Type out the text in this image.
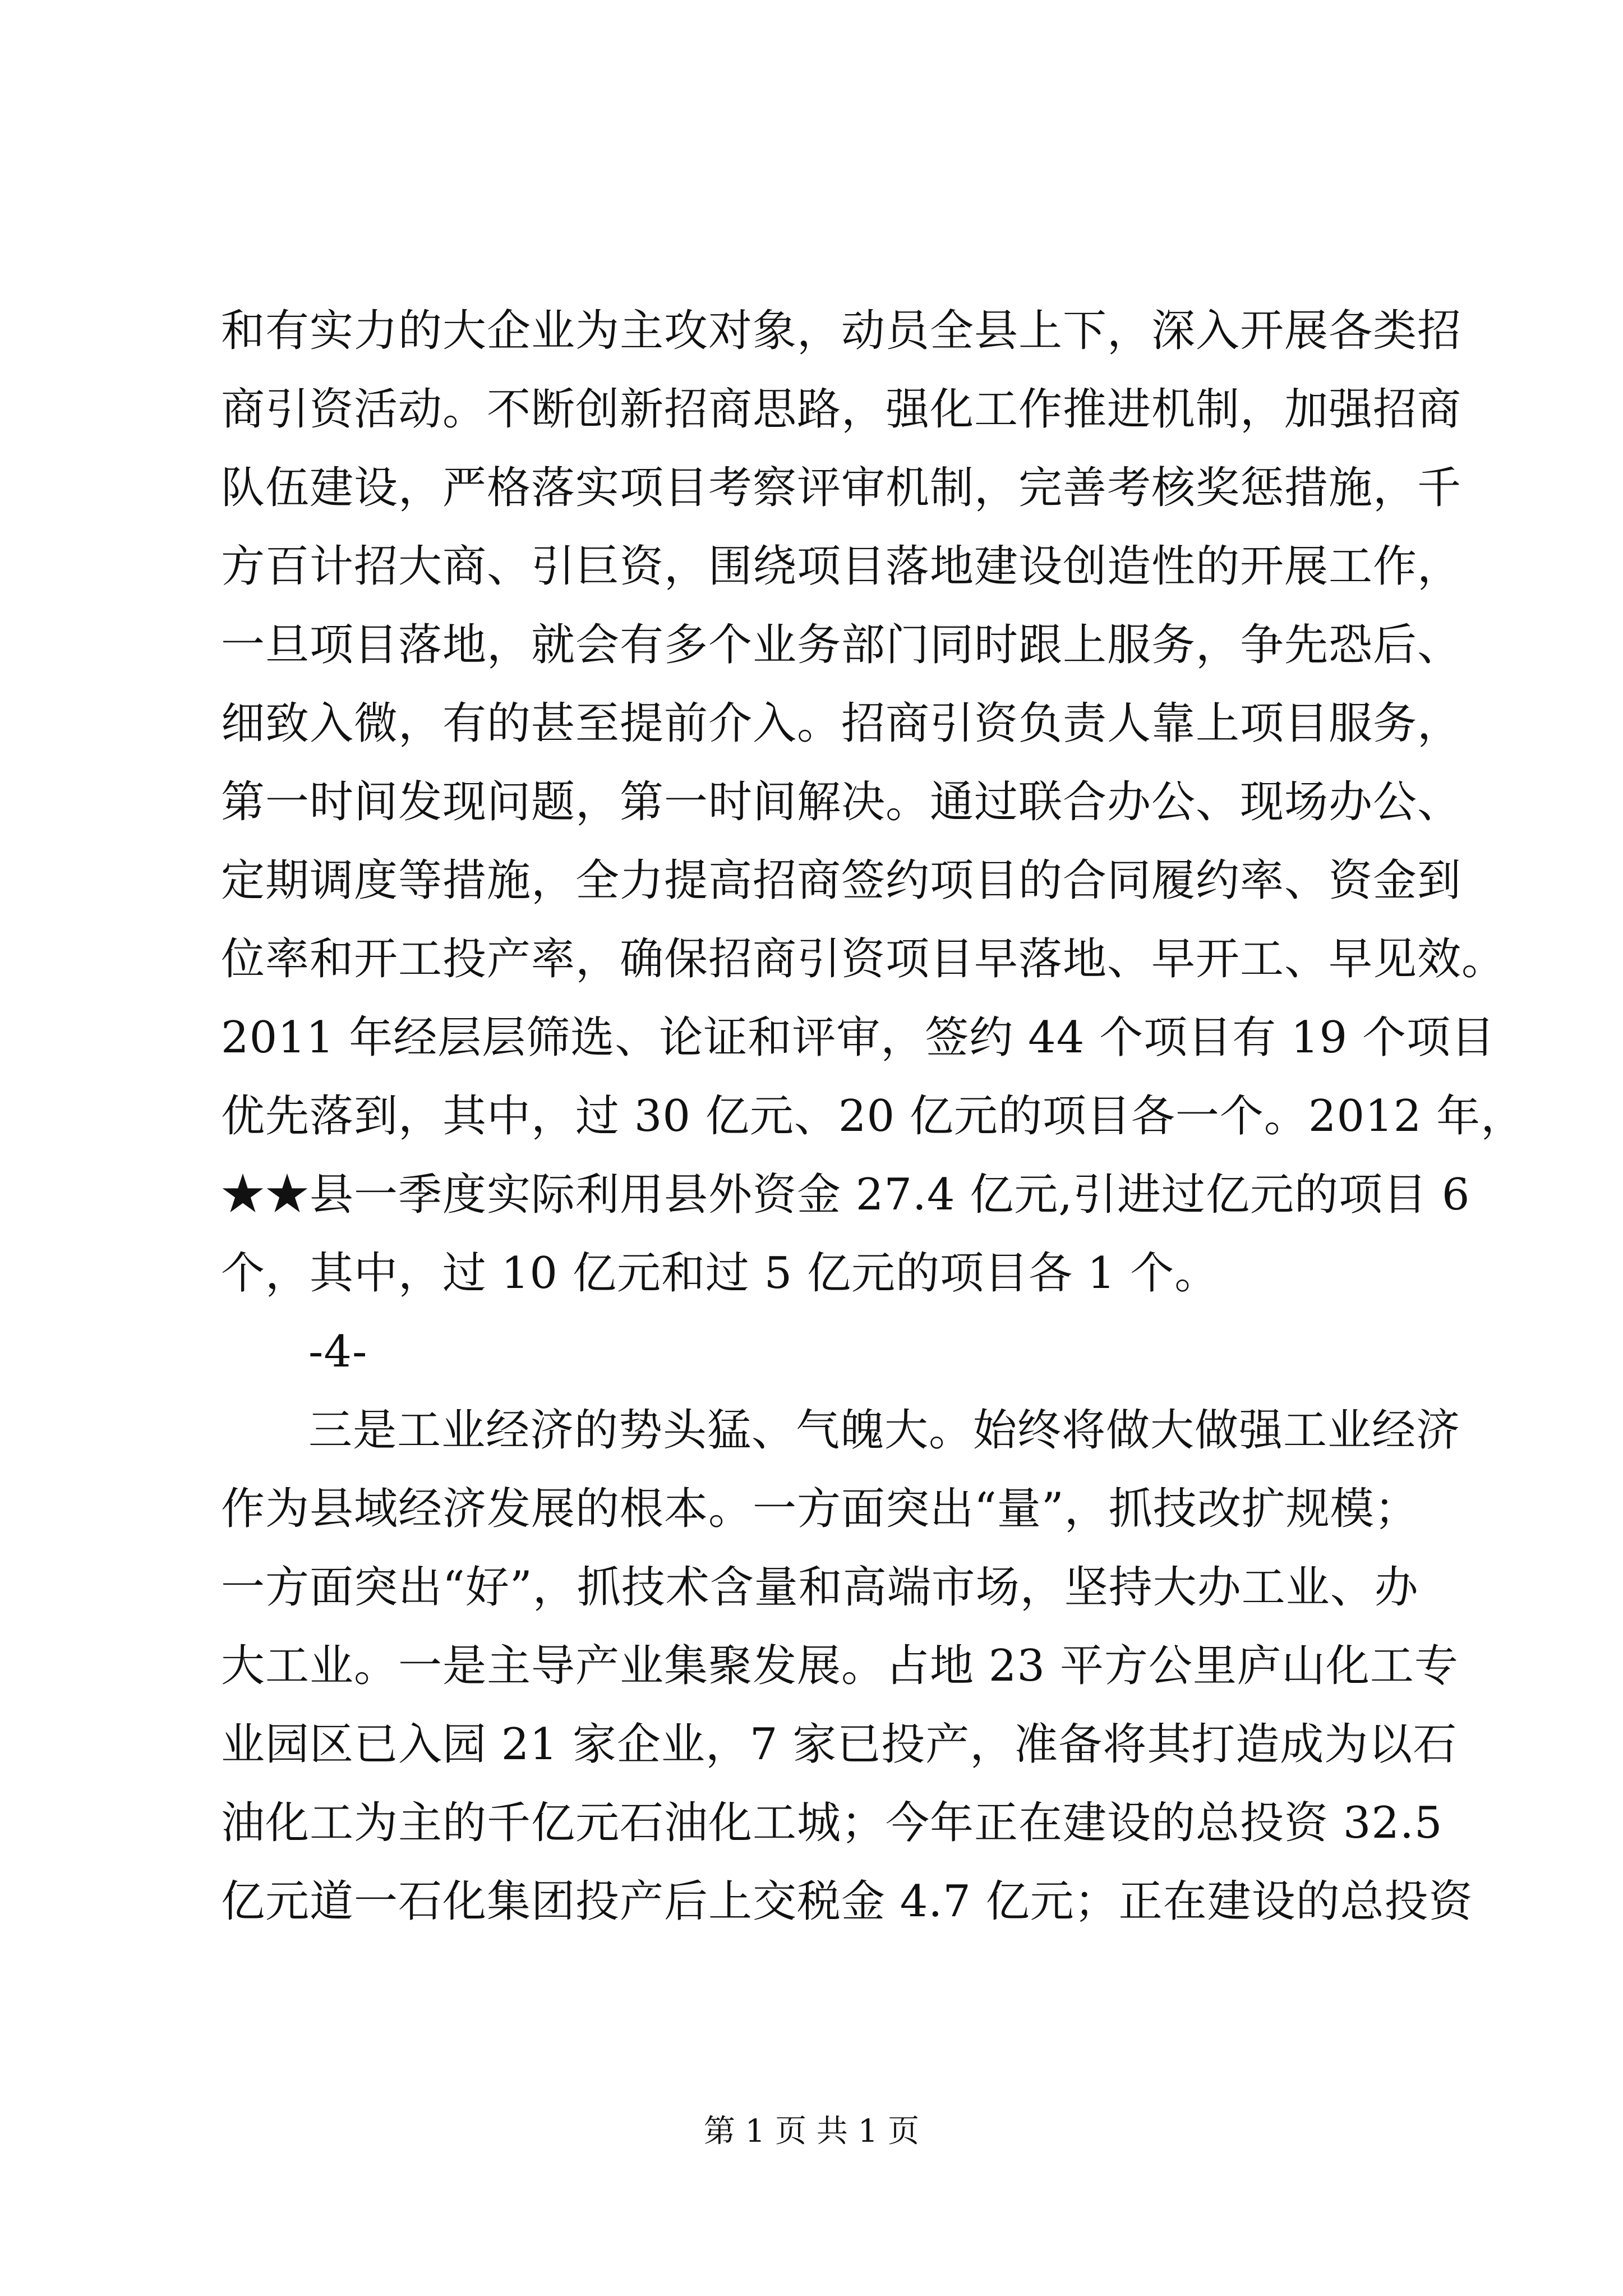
和有实力的大企业为主攻对象，动员全县上下，深入开展各类招
商引资活动。不断创新招商思路，强化工作推进机制，加强招商
队伍建设，严格落实项目考察评审机制，完善考核奖惩措施，千
方百计招大商、引巨资，围绕项目落地建设创造性的开展工作，
一旦项目落地，就会有多个业务部门同时跟上服务，争先恐后、
细致入微，有的甚至提前介入。招商引资负责人靠上项目服务，
第一时间发现问题，第一时间解决。通过联合办公、现场办公、
定期调度等措施，全力提高招商签约项目的合同履约率、资金到
位率和开工投产率，确保招商引资项目早落地、早开工、早见效。
2011 年经层层筛选、论证和评审，签约 44 个项目有 19 个项目
优先落到，其中，过 30 亿元、20 亿元的项目各一个。2012 年，
★★县一季度实际利用县外资金 27.4 亿元,引进过亿元的项目 6
个，其中，过 10 亿元和过 5 亿元的项目各 1 个。
-4-
三是工业经济的势头猛、气魄大。始终将做大做强工业经济
作为县域经济发展的根本。一方面突出“量”，抓技改扩规模；
一方面突出“好”，抓技术含量和高端市场，坚持大办工业、办
大工业。一是主导产业集聚发展。占地 23 平方公里庐山化工专
业园区已入园 21 家企业，7 家已投产，准备将其打造成为以石
油化工为主的千亿元石油化工城；今年正在建设的总投资 32.5
亿元道一石化集团投产后上交税金 4.7 亿元；正在建设的总投资
第 1 页 共 1 页
